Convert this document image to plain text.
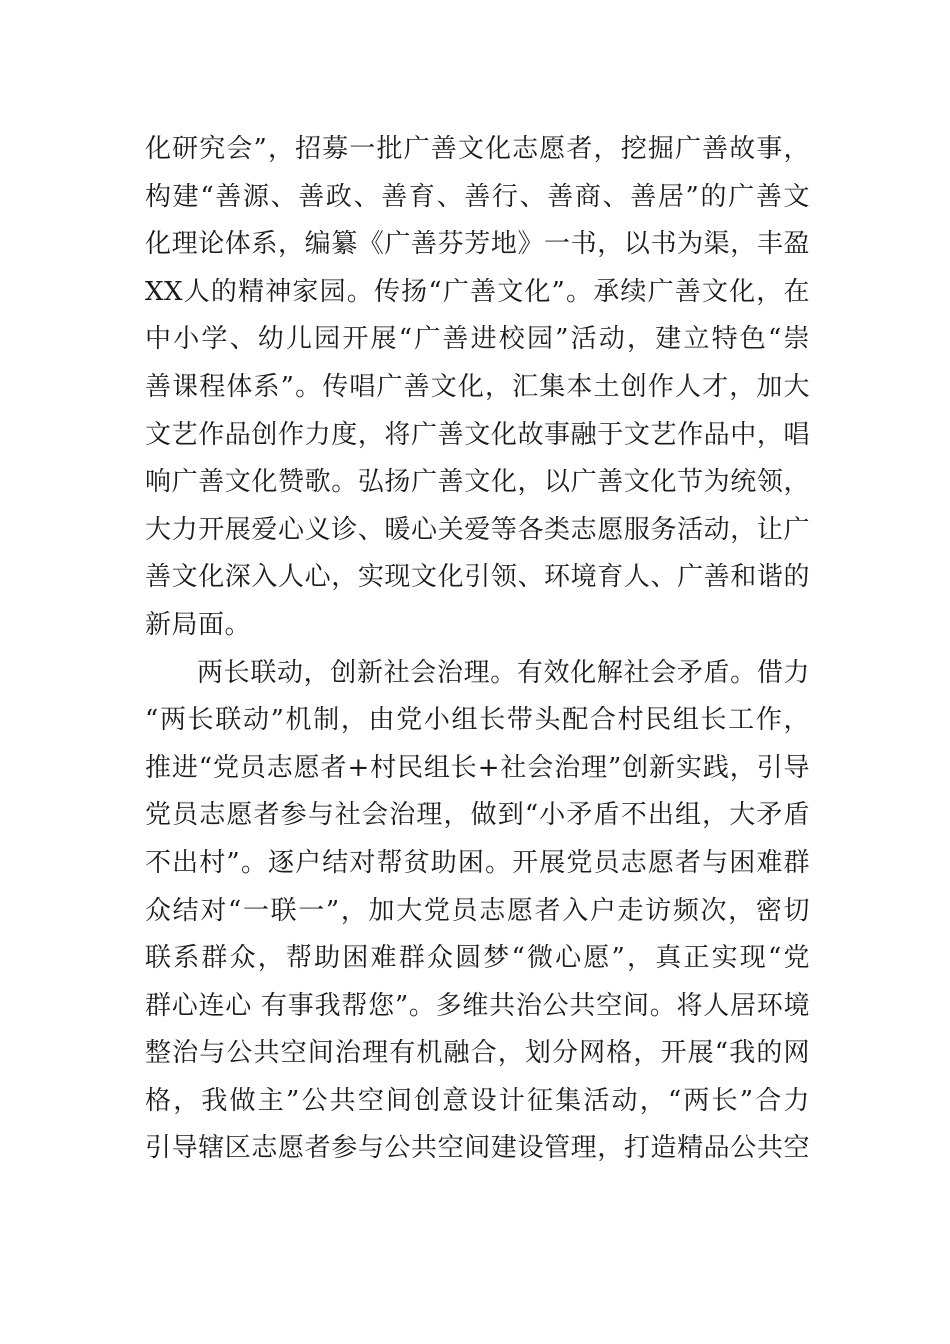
化研究会”，招募一批广善文化志愿者，挖掘广善故事，
构建“善源、善政、善育、善行、善商、善居”的广善文
化理论体系，编纂《广善芬芳地》一书，以书为渠，丰盈
XX人的精神家园。传扬“广善文化”。承续广善文化，在
中小学、幼儿园开展“广善进校园”活动，建立特色“崇
善课程体系”。传唱广善文化，汇集本土创作人才，加大
文艺作品创作力度，将广善文化故事融于文艺作品中，唱
响广善文化赞歌。弘扬广善文化，以广善文化节为统领，
大力开展爱心义诊、暖心关爱等各类志愿服务活动，让广
善文化深入人心，实现文化引领、环境育人、广善和谐的
新局面。
两长联动，创新社会治理。有效化解社会矛盾。借力
“两长联动”机制，由党小组长带头配合村民组长工作，
推进“党员志愿者+村民组长+社会治理”创新实践，引导
党员志愿者参与社会治理，做到“小矛盾不出组，大矛盾
不出村”。逐户结对帮贫助困。开展党员志愿者与困难群
众结对“一联一”，加大党员志愿者入户走访频次，密切
联系群众，帮助困难群众圆梦“微心愿”，真正实现“党
群心连心 有事我帮您”。多维共治公共空间。将人居环境
整治与公共空间治理有机融合，划分网格，开展“我的网
格，我做主”公共空间创意设计征集活动，“两长”合力
引导辖区志愿者参与公共空间建设管理，打造精品公共空
